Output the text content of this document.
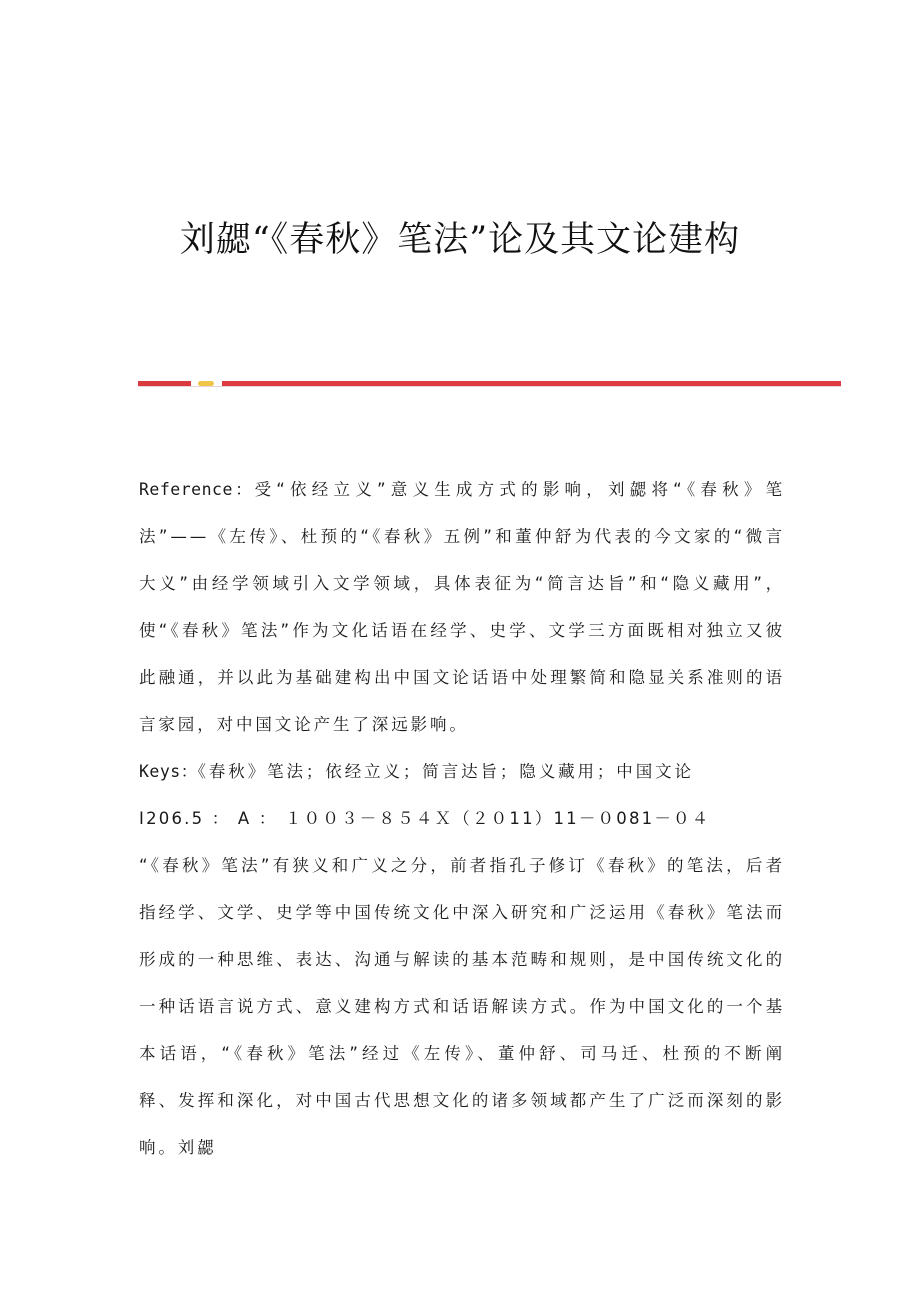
刘勰“《春秋》笔法”论及其文论建构

Reference：受“依经立义”意义生成方式的影响，刘勰将“《春秋》笔法”——《左传》、杜预的“《春秋》五例”和董仲舒为代表的今文家的“微言大义”由经学领域引入文学领域，具体表征为“简言达旨”和“隐义藏用”，使“《春秋》笔法”作为文化话语在经学、史学、文学三方面既相对独立又彼此融通，并以此为基础建构出中国文论话语中处理繁简和隐显关系准则的语言家园，对中国文论产生了深远影响。

Keys：《春秋》笔法；依经立义；简言达旨；隐义藏用；中国文论

I206.5 ： A ： １００３－８５４Ｘ（２０11）11－０081－０４

“《春秋》笔法”有狭义和广义之分，前者指孔子修订《春秋》的笔法，后者指经学、文学、史学等中国传统文化中深入研究和广泛运用《春秋》笔法而形成的一种思维、表达、沟通与解读的基本范畴和规则，是中国传统文化的一种话语言说方式、意义建构方式和话语解读方式。作为中国文化的一个基本话语，“《春秋》笔法”经过《左传》、董仲舒、司马迁、杜预的不断阐释、发挥和深化，对中国古代思想文化的诸多领域都产生了广泛而深刻的影响。刘勰
